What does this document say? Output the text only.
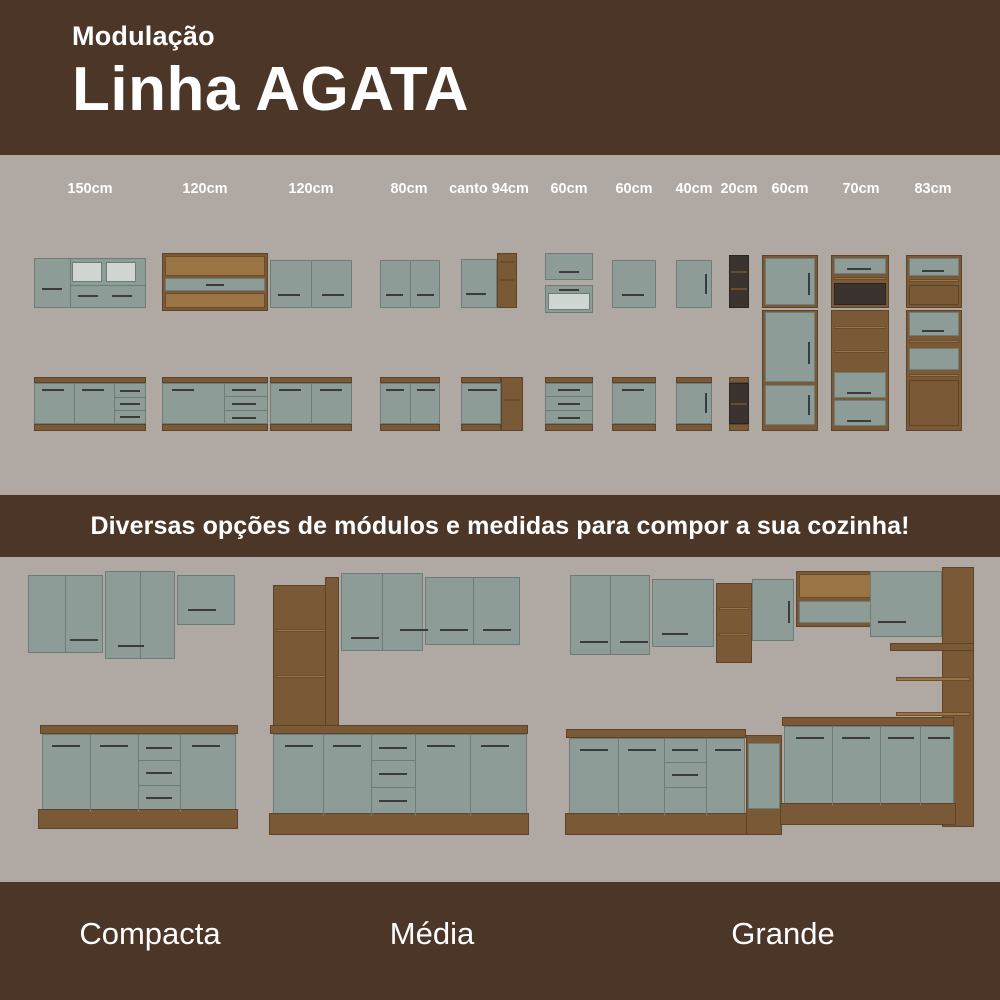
Modulação
Linha AGATA
150cm	120cm	120cm	80cm canto 94cm 60cm 60cm 40cm 20cm 60cm 70cm 83cm
Diversas opções de módulos e medidas para compor a sua cozinha!
Compacta	Média	Grande
